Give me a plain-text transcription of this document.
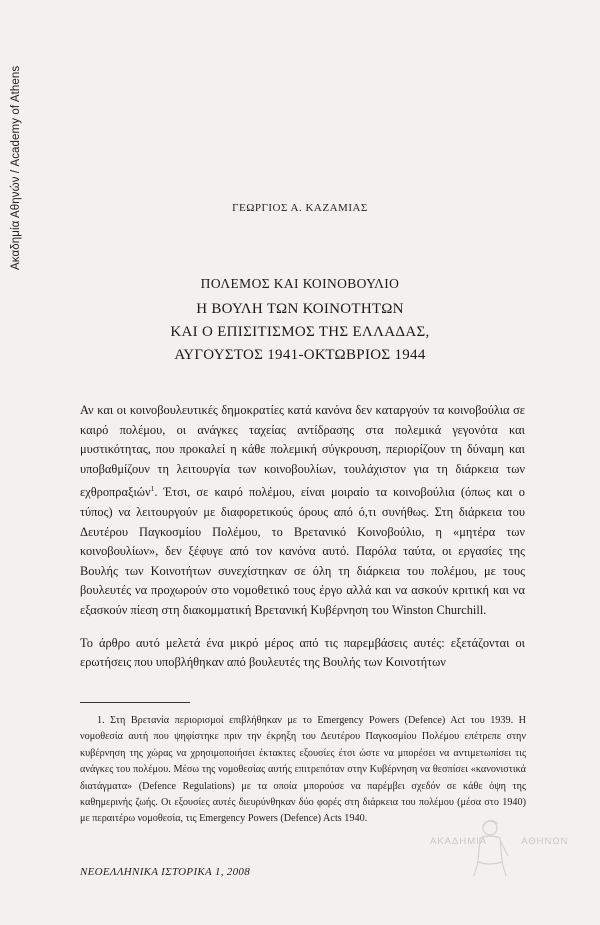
Ακαδημία Αθηνών / Academy of Athens	ΓΕΩΡΓΙΟΣ Α. ΚΑΖΑΜΙΑΣ
ΠΟΛΕΜΟΣ ΚΑΙ ΚΟΙΝΟΒΟΥΛΙΟ
Η ΒΟΥΛΗ ΤΩΝ ΚΟΙΝΟΤΗΤΩΝ
ΚΑΙ Ο ΕΠΙΣΙΤΙΣΜΟΣ ΤΗΣ ΕΛΛΑΔΑΣ,
ΑΥΓΟΥΣΤΟΣ 1941-ΟΚΤΩΒΡΙΟΣ 1944

Αν και οι κοινοβουλευτικές δημοκρατίες κατά κανόνα δεν καταργούν τα κοινοβούλια σε καιρό πολέμου, οι ανάγκες ταχείας αντίδρασης στα πολεμικά γεγονότα και μυστικότητας, που προκαλεί η κάθε πολεμική σύγκρουση, περιορίζουν τη δύναμη και υποβαθμίζουν τη λειτουργία των κοινοβουλίων, τουλάχιστον για τη διάρκεια των εχθροπραξιών$^1$. Έτσι, σε καιρό πολέμου, είναι μοιραίο τα κοινοβούλια (όπως και ο τύπος) να λειτουργούν με διαφορετικούς όρους από ό,τι συνήθως. Στη διάρκεια του Δευτέρου Παγκοσμίου Πολέμου, το Βρετανικό Κοινοβούλιο, η «μητέρα των κοινοβουλίων», δεν ξέφυγε από τον κανόνα αυτό. Παρόλα ταύτα, οι εργασίες της Βουλής των Κοινοτήτων συνεχίστηκαν σε όλη τη διάρκεια του πολέμου, με τους βουλευτές να προχωρούν στο νομοθετικό τους έργο αλλά και να ασκούν κριτική και να εξασκούν πίεση στη διακομματική Βρετανική Κυβέρνηση του Winston Churchill.

Το άρθρο αυτό μελετά ένα μικρό μέρος από τις παρεμβάσεις αυτές: εξετάζονται οι ερωτήσεις που υποβλήθηκαν από βουλευτές της Βουλής των Κοινοτήτων

1. Στη Βρετανία περιορισμοί επιβλήθηκαν με το Emergency Powers (Defence) Act του 1939. Η νομοθεσία αυτή που ψηφίστηκε πριν την έκρηξη του Δευτέρου Παγκοσμίου Πολέμου επέτρεπε στην κυβέρνηση της χώρας να χρησιμοποιήσει έκτακτες εξουσίες έτσι ώστε να μπορέσει να αντιμετωπίσει τις ανάγκες του πολέμου. Μέσω της νομοθεσίας αυτής επιτρεπόταν στην Κυβέρνηση να θεσπίσει «κανονιστικά διατάγματα» (Defence Regulations) με τα οποία μπορούσε να παρέμβει σχεδόν σε κάθε όψη της καθημερινής ζωής. Οι εξουσίες αυτές διευρύνθηκαν δύο φορές στη διάρκεια του πολέμου (μέσα στο 1940) με περαιτέρω νομοθεσία, τις Emergency Powers (Defence) Acts 1940.

ΑΚΑΔΗΜΙΑ	ΑΘΗΝΩΝ
ΝΕΟΕΛΛΗΝΙΚΑ ΙΣΤΟΡΙΚΑ 1, 2008
